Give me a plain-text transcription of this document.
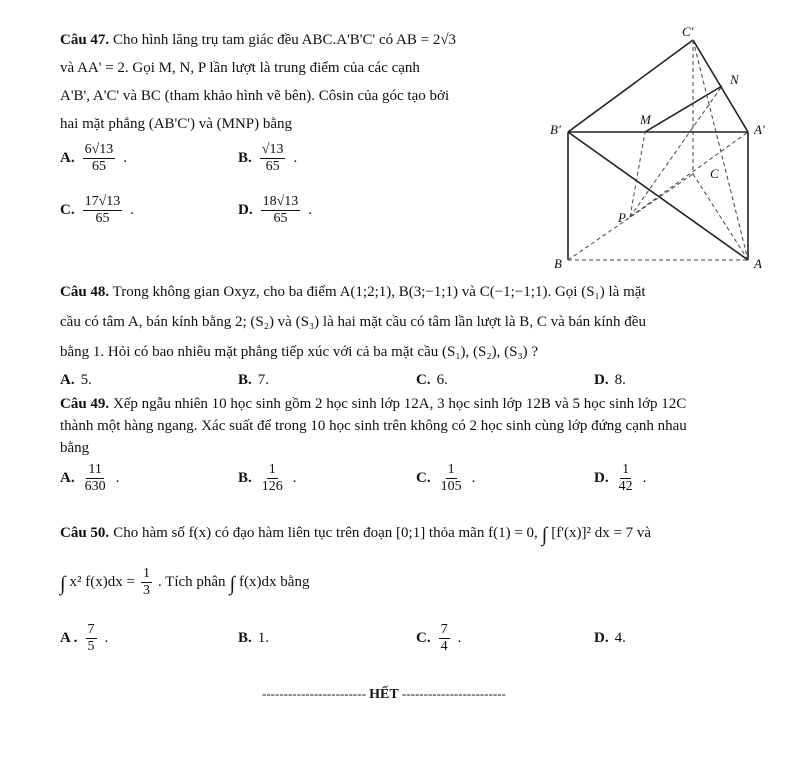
Câu 47. Cho hình lăng trụ tam giác đều ABC.A'B'C' có AB = 2√3
và AA' = 2. Gọi M, N, P lần lượt là trung điểm của các cạnh
A'B', A'C' và BC (tham khảo hình vẽ bên). Côsin của góc tạo bởi
hai mặt phẳng (AB'C') và (MNP) bằng
A. $\frac{6√13}{65}$ .	B. $\frac{√13}{65}$ .
C. $\frac{17√13}{65}$ .	D. $\frac{18√13}{65}$ .
C'
N
B'
M
A'
C
P
B	A
Câu 48. Trong không gian Oxyz, cho ba điểm A(1;2;1), B(3;−1;1) và C(−1;−1;1). Gọi (S₁) là mặt
cầu có tâm A, bán kính bằng 2; (S₂) và (S₃) là hai mặt cầu có tâm lần lượt là B, C và bán kính đều
bằng 1. Hỏi có bao nhiêu mặt phẳng tiếp xúc với cả ba mặt cầu (S₁), (S₂), (S₃) ?
A. 5.	B. 7.	C. 6.	D. 8.
Câu 49. Xếp ngẫu nhiên 10 học sinh gồm 2 học sinh lớp 12A, 3 học sinh lớp 12B và 5 học sinh lớp 12C
thành một hàng ngang. Xác suất để trong 10 học sinh trên không có 2 học sinh cùng lớp đứng cạnh nhau
bằng
A. $\frac{11}{630}$ .	B. $\frac{1}{126}$ .	C. $\frac{1}{105}$ .	D. $\frac{1}{42}$ .
Câu 50. Cho hàm số f(x) có đạo hàm liên tục trên đoạn [0;1] thỏa mãn f(1) = 0, ∫ [f'(x)]² dx = 7 và
∫ x² $f(x)dx = \frac{1}{3}$ . Tích phân ∫ f(x)dx bằng
A . $\frac{7}{5}$ .	B. 1.	C. $\frac{7}{4}$ .	D. 4.
------------------------ HẾT ------------------------
